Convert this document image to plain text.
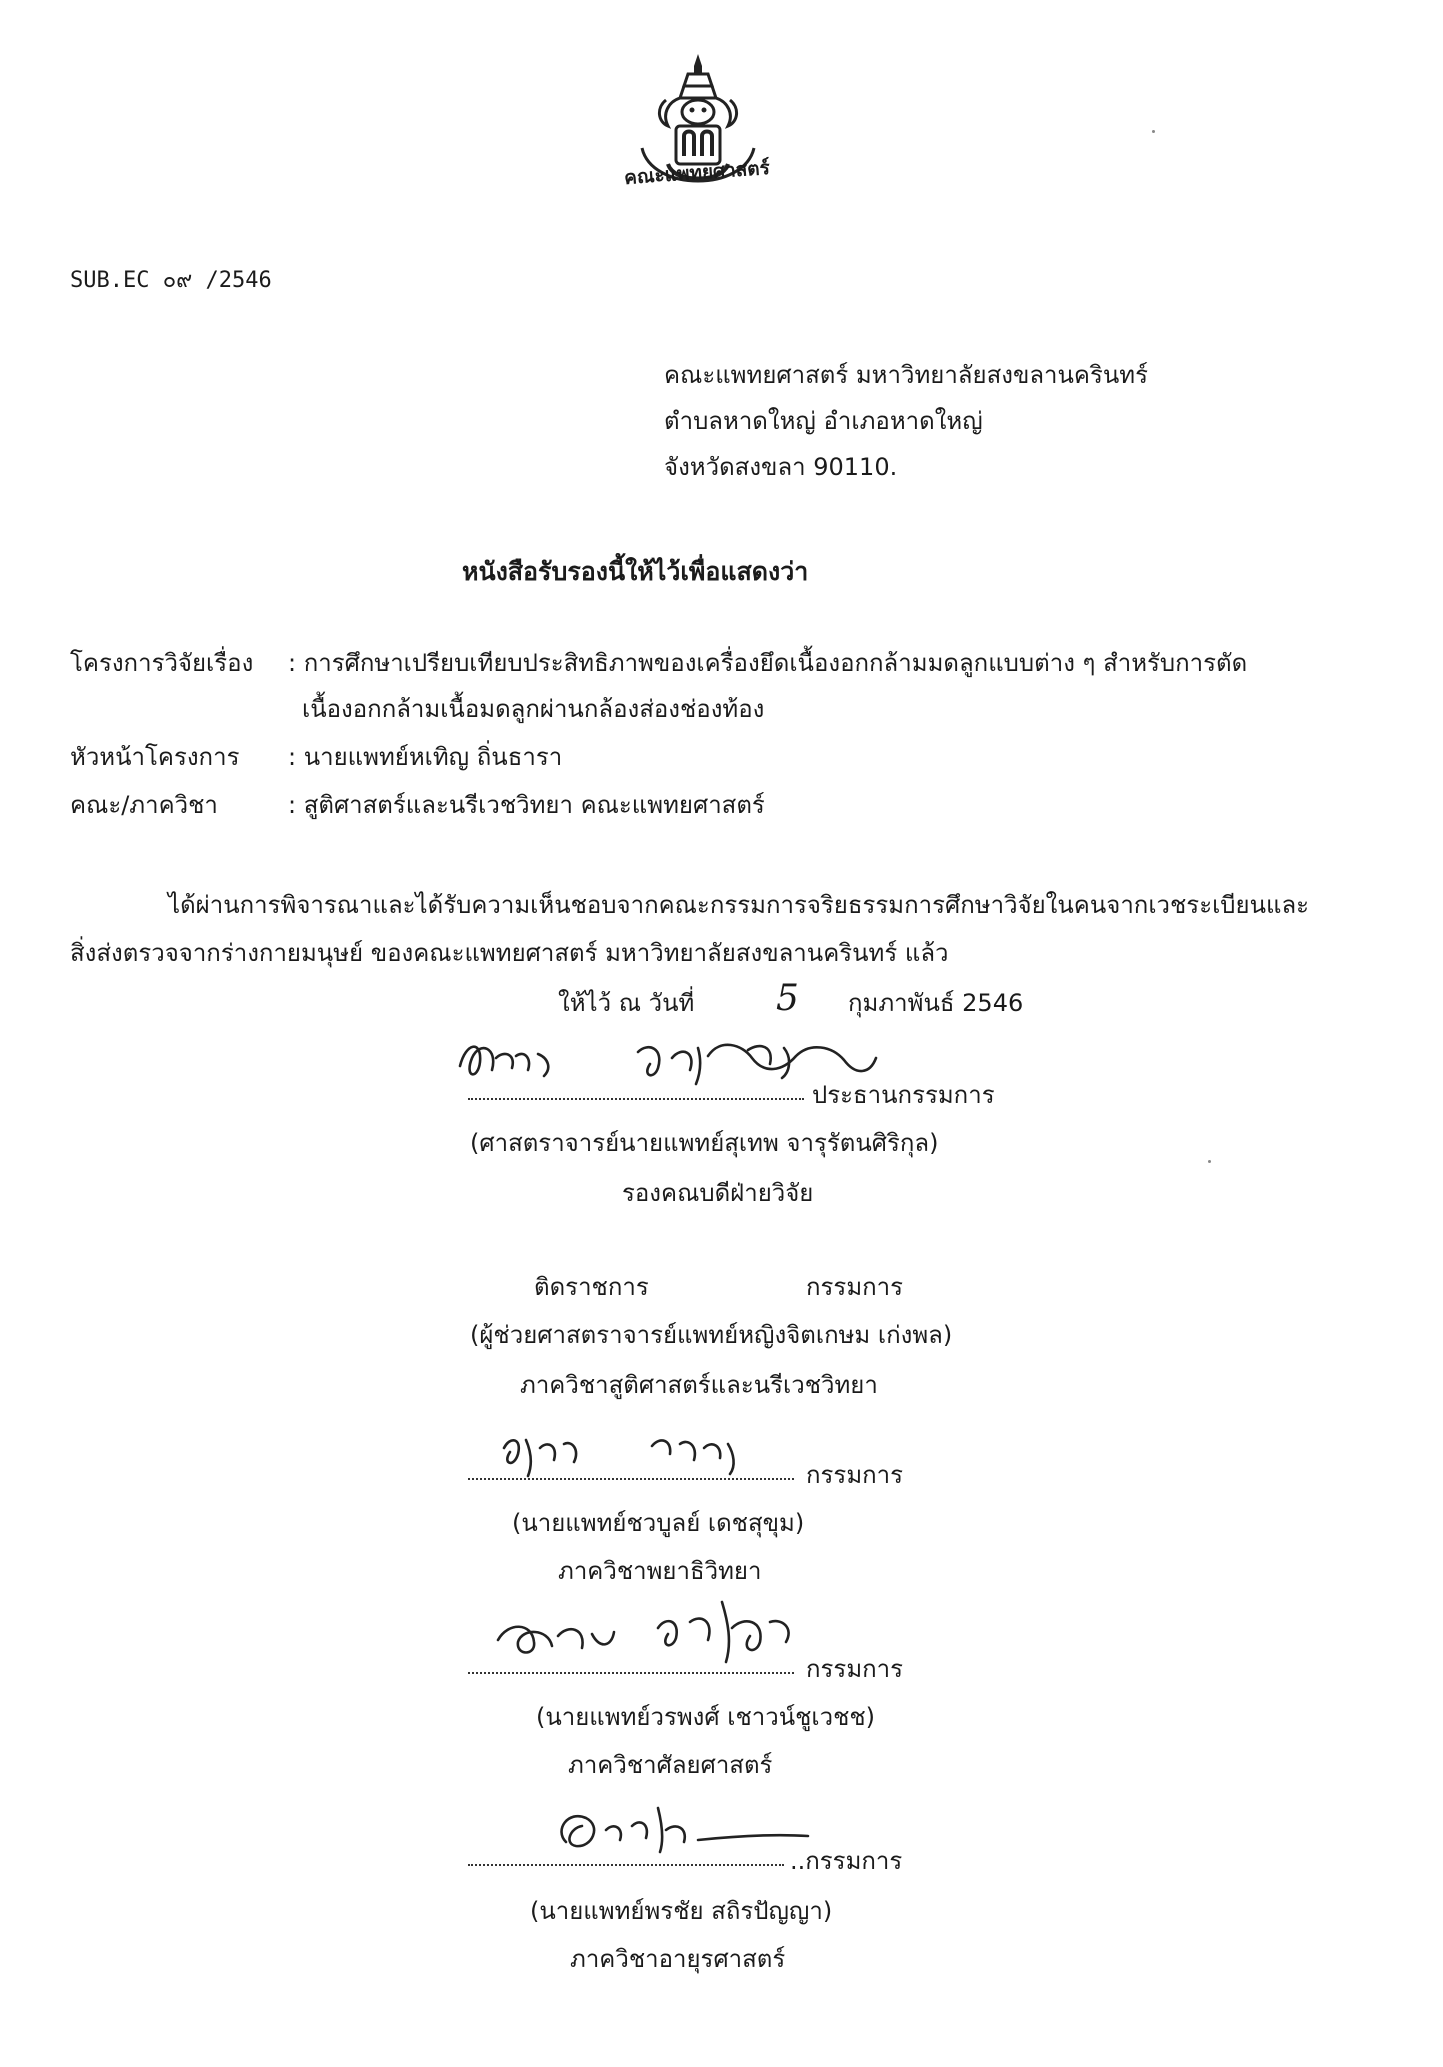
คณะแพทยศาสตร์
SUB.EC ๐๙ /2546
คณะแพทยศาสตร์ มหาวิทยาลัยสงขลานครินทร์
ตำบลหาดใหญ่ อำเภอหาดใหญ่
จังหวัดสงขลา 90110.
หนังสือรับรองนี้ให้ไว้เพื่อแสดงว่า
โครงการวิจัยเรื่อง : การศึกษาเปรียบเทียบประสิทธิภาพของเครื่องยึดเนื้องอกกล้ามมดลูกแบบต่าง ๆ สำหรับการตัด
เนื้องอกกล้ามเนื้อมดลูกผ่านกล้องส่องช่องท้อง
หัวหน้าโครงการ : นายแพทย์หเทิญ ถิ่นธารา
คณะ/ภาควิชา	: สูติศาสตร์และนรีเวชวิทยา คณะแพทยศาสตร์
ได้ผ่านการพิจารณาและได้รับความเห็นชอบจากคณะกรรมการจริยธรรมการศึกษาวิจัยในคนจากเวชระเบียนและ
สิ่งส่งตรวจจากร่างกายมนุษย์ ของคณะแพทยศาสตร์ มหาวิทยาลัยสงขลานครินทร์ แล้ว
ให้ไว้ ณ วันที่ 5 กุมภาพันธ์ 2546
ประธานกรรมการ
(ศาสตราจารย์นายแพทย์สุเทพ จารุรัตนศิริกุล)
รองคณบดีฝ่ายวิจัย
ติดราชการ	กรรมการ
(ผู้ช่วยศาสตราจารย์แพทย์หญิงจิตเกษม เก่งพล)
ภาควิชาสูติศาสตร์และนรีเวชวิทยา
กรรมการ
(นายแพทย์ชวบูลย์ เดชสุขุม)
ภาควิชาพยาธิวิทยา
กรรมการ
(นายแพทย์วรพงศ์ เชาวน์ชูเวชช)
ภาควิชาศัลยศาสตร์
..กรรมการ
(นายแพทย์พรชัย สถิรปัญญา)
ภาควิชาอายุรศาสตร์
